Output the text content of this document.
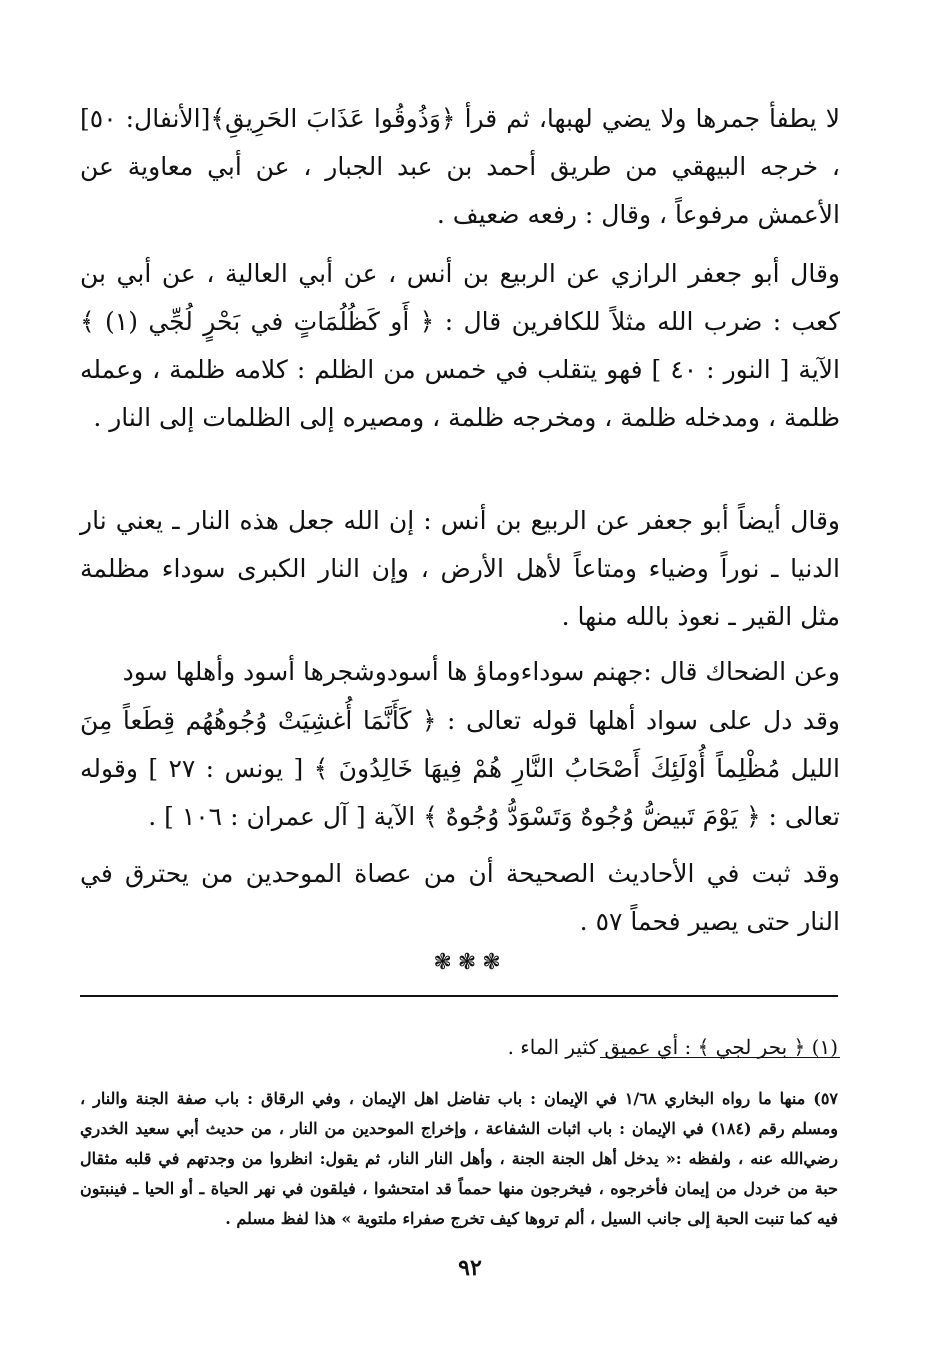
لا يطفأ جمرها ولا يضي لهبها، ثم قرأ ﴿وَذُوقُوا عَذَابَ الحَرِيقِ﴾[الأنفال: ٥٠] ، خرجه البيهقي من طريق أحمد بن عبد الجبار ، عن أبي معاوية عن الأعمش مرفوعاً ، وقال : رفعه ضعيف .

وقال أبو جعفر الرازي عن الربيع بن أنس ، عن أبي العالية ، عن أبي بن كعب : ضرب الله مثلاً للكافرين قال : ﴿ أَو كَظُلُمَاتٍ في بَحْرٍ لُجِّي (١) ﴾ الآية [ النور : ٤٠ ] فهو يتقلب في خمس من الظلم : كلامه ظلمة ، وعمله ظلمة ، ومدخله ظلمة ، ومخرجه ظلمة ، ومصيره إلى الظلمات إلى النار .

وقال أيضاً أبو جعفر عن الربيع بن أنس : إن الله جعل هذه النار ـ يعني نار الدنيا ـ نوراً وضياء ومتاعاً لأهل الأرض ، وإن النار الكبرى سوداء مظلمة مثل القير ـ نعوذ بالله منها .

وعن الضحاك قال :جهنم سوداءوماؤ ها أسودوشجرها أسود وأهلها سود

وقد دل على سواد أهلها قوله تعالى : ﴿ كَأَنَّمَا أُغشِيَتْ وُجُوهُهُم قِطَعاً مِنَ الليل مُظْلِماً أُوْلَئِكَ أَصْحَابُ النَّارِ هُمْ فِيهَا خَالِدُونَ ﴾ [ يونس : ٢٧ ] وقوله تعالى : ﴿ يَوْمَ تَبيضُّ وُجُوهٌ وَتَسْوَدُّ وُجُوهٌ ﴾ الآية [ آل عمران : ١٠٦ ] .

وقد ثبت في الأحاديث الصحيحة أن من عصاة الموحدين من يحترق في النار حتى يصير فحماً ٥٧ .

❃❃❃

(١) ﴿ بحر لجي ﴾ : أي عميق كثير الماء .

٥٧) منها ما رواه البخاري ١/٦٨ في الإيمان : باب تفاضل اهل الإيمان ، وفي الرقاق : باب صفة الجنة والنار ، ومسلم رقم (١٨٤) في الإيمان : باب اثبات الشفاعة ، وإخراج الموحدين من النار ، من حديث أبي سعيد الخدري رضي‌الله عنه ، ولفظه :« يدخل أهل الجنة الجنة ، وأهل النار النار، ثم يقول: انظروا من وجدتهم في قلبه مثقال حبة من خردل من إيمان فأخرجوه ، فيخرجون منها حمماً قد امتحشوا ، فيلقون في نهر الحياة ـ أو الحيا ـ فينبتون فيه كما تنبت الحبة إلى جانب السيل ، ألم تروها كيف تخرج صفراء ملتوية » هذا لفظ مسلم .

٩٢
